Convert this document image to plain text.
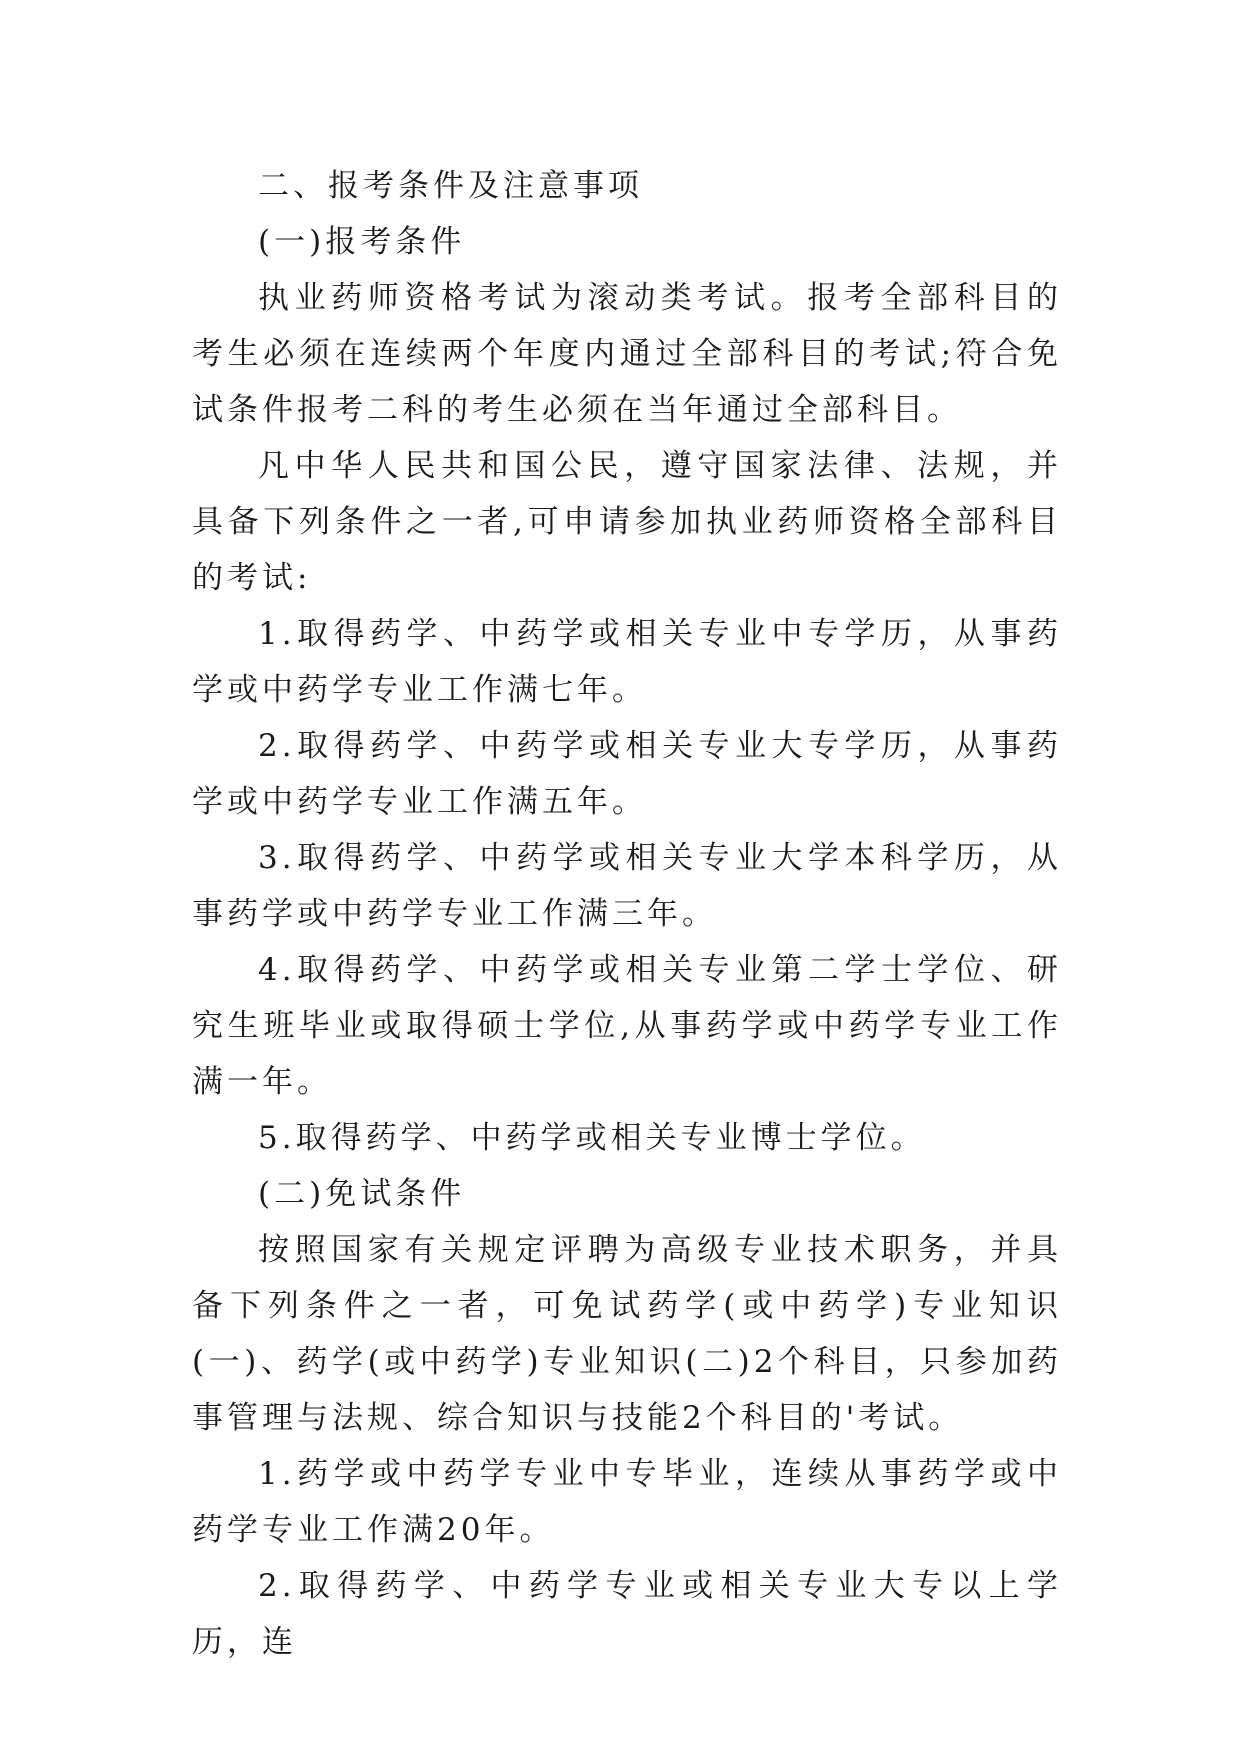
二、报考条件及注意事项

(一)报考条件

执业药师资格考试为滚动类考试。报考全部科目的考生必须在连续两个年度内通过全部科目的考试;符合免试条件报考二科的考生必须在当年通过全部科目。

凡中华人民共和国公民，遵守国家法律、法规，并具备下列条件之一者,可申请参加执业药师资格全部科目的考试:

1.取得药学、中药学或相关专业中专学历，从事药学或中药学专业工作满七年。

2.取得药学、中药学或相关专业大专学历，从事药学或中药学专业工作满五年。

3.取得药学、中药学或相关专业大学本科学历，从事药学或中药学专业工作满三年。

4.取得药学、中药学或相关专业第二学士学位、研究生班毕业或取得硕士学位,从事药学或中药学专业工作满一年。

5.取得药学、中药学或相关专业博士学位。

(二)免试条件

按照国家有关规定评聘为高级专业技术职务，并具备下列条件之一者，可免试药学(或中药学)专业知识(一)、药学(或中药学)专业知识(二)2个科目，只参加药事管理与法规、综合知识与技能2个科目的'考试。

1.药学或中药学专业中专毕业，连续从事药学或中药学专业工作满20年。

2.取得药学、中药学专业或相关专业大专以上学历，连
